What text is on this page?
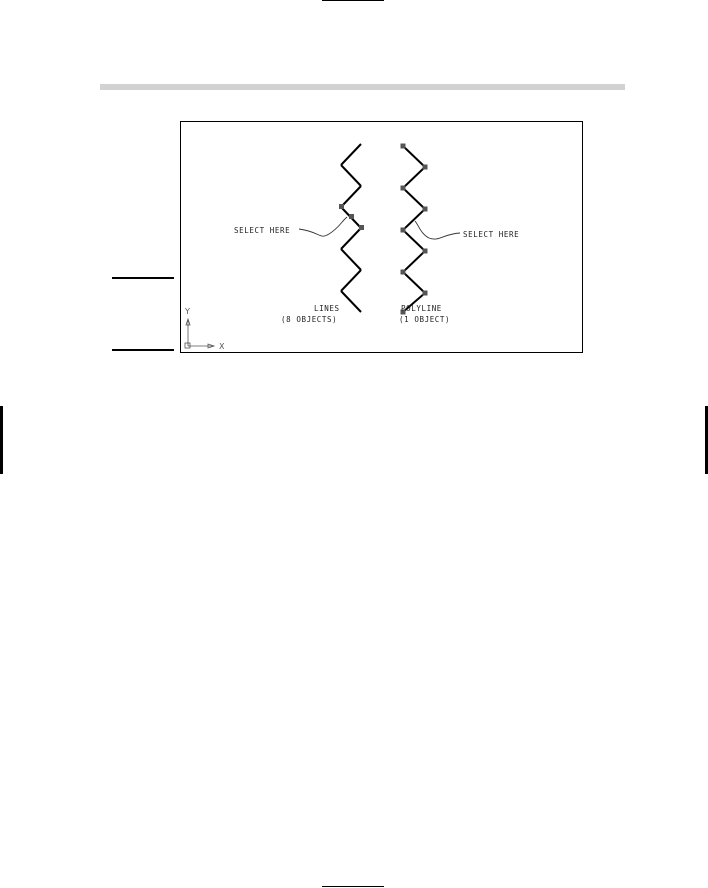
SELECT HERE	SELECT HERE
LINES
(8 OBJECTS)
POLYLINE
(1 OBJECT)
Y
X
